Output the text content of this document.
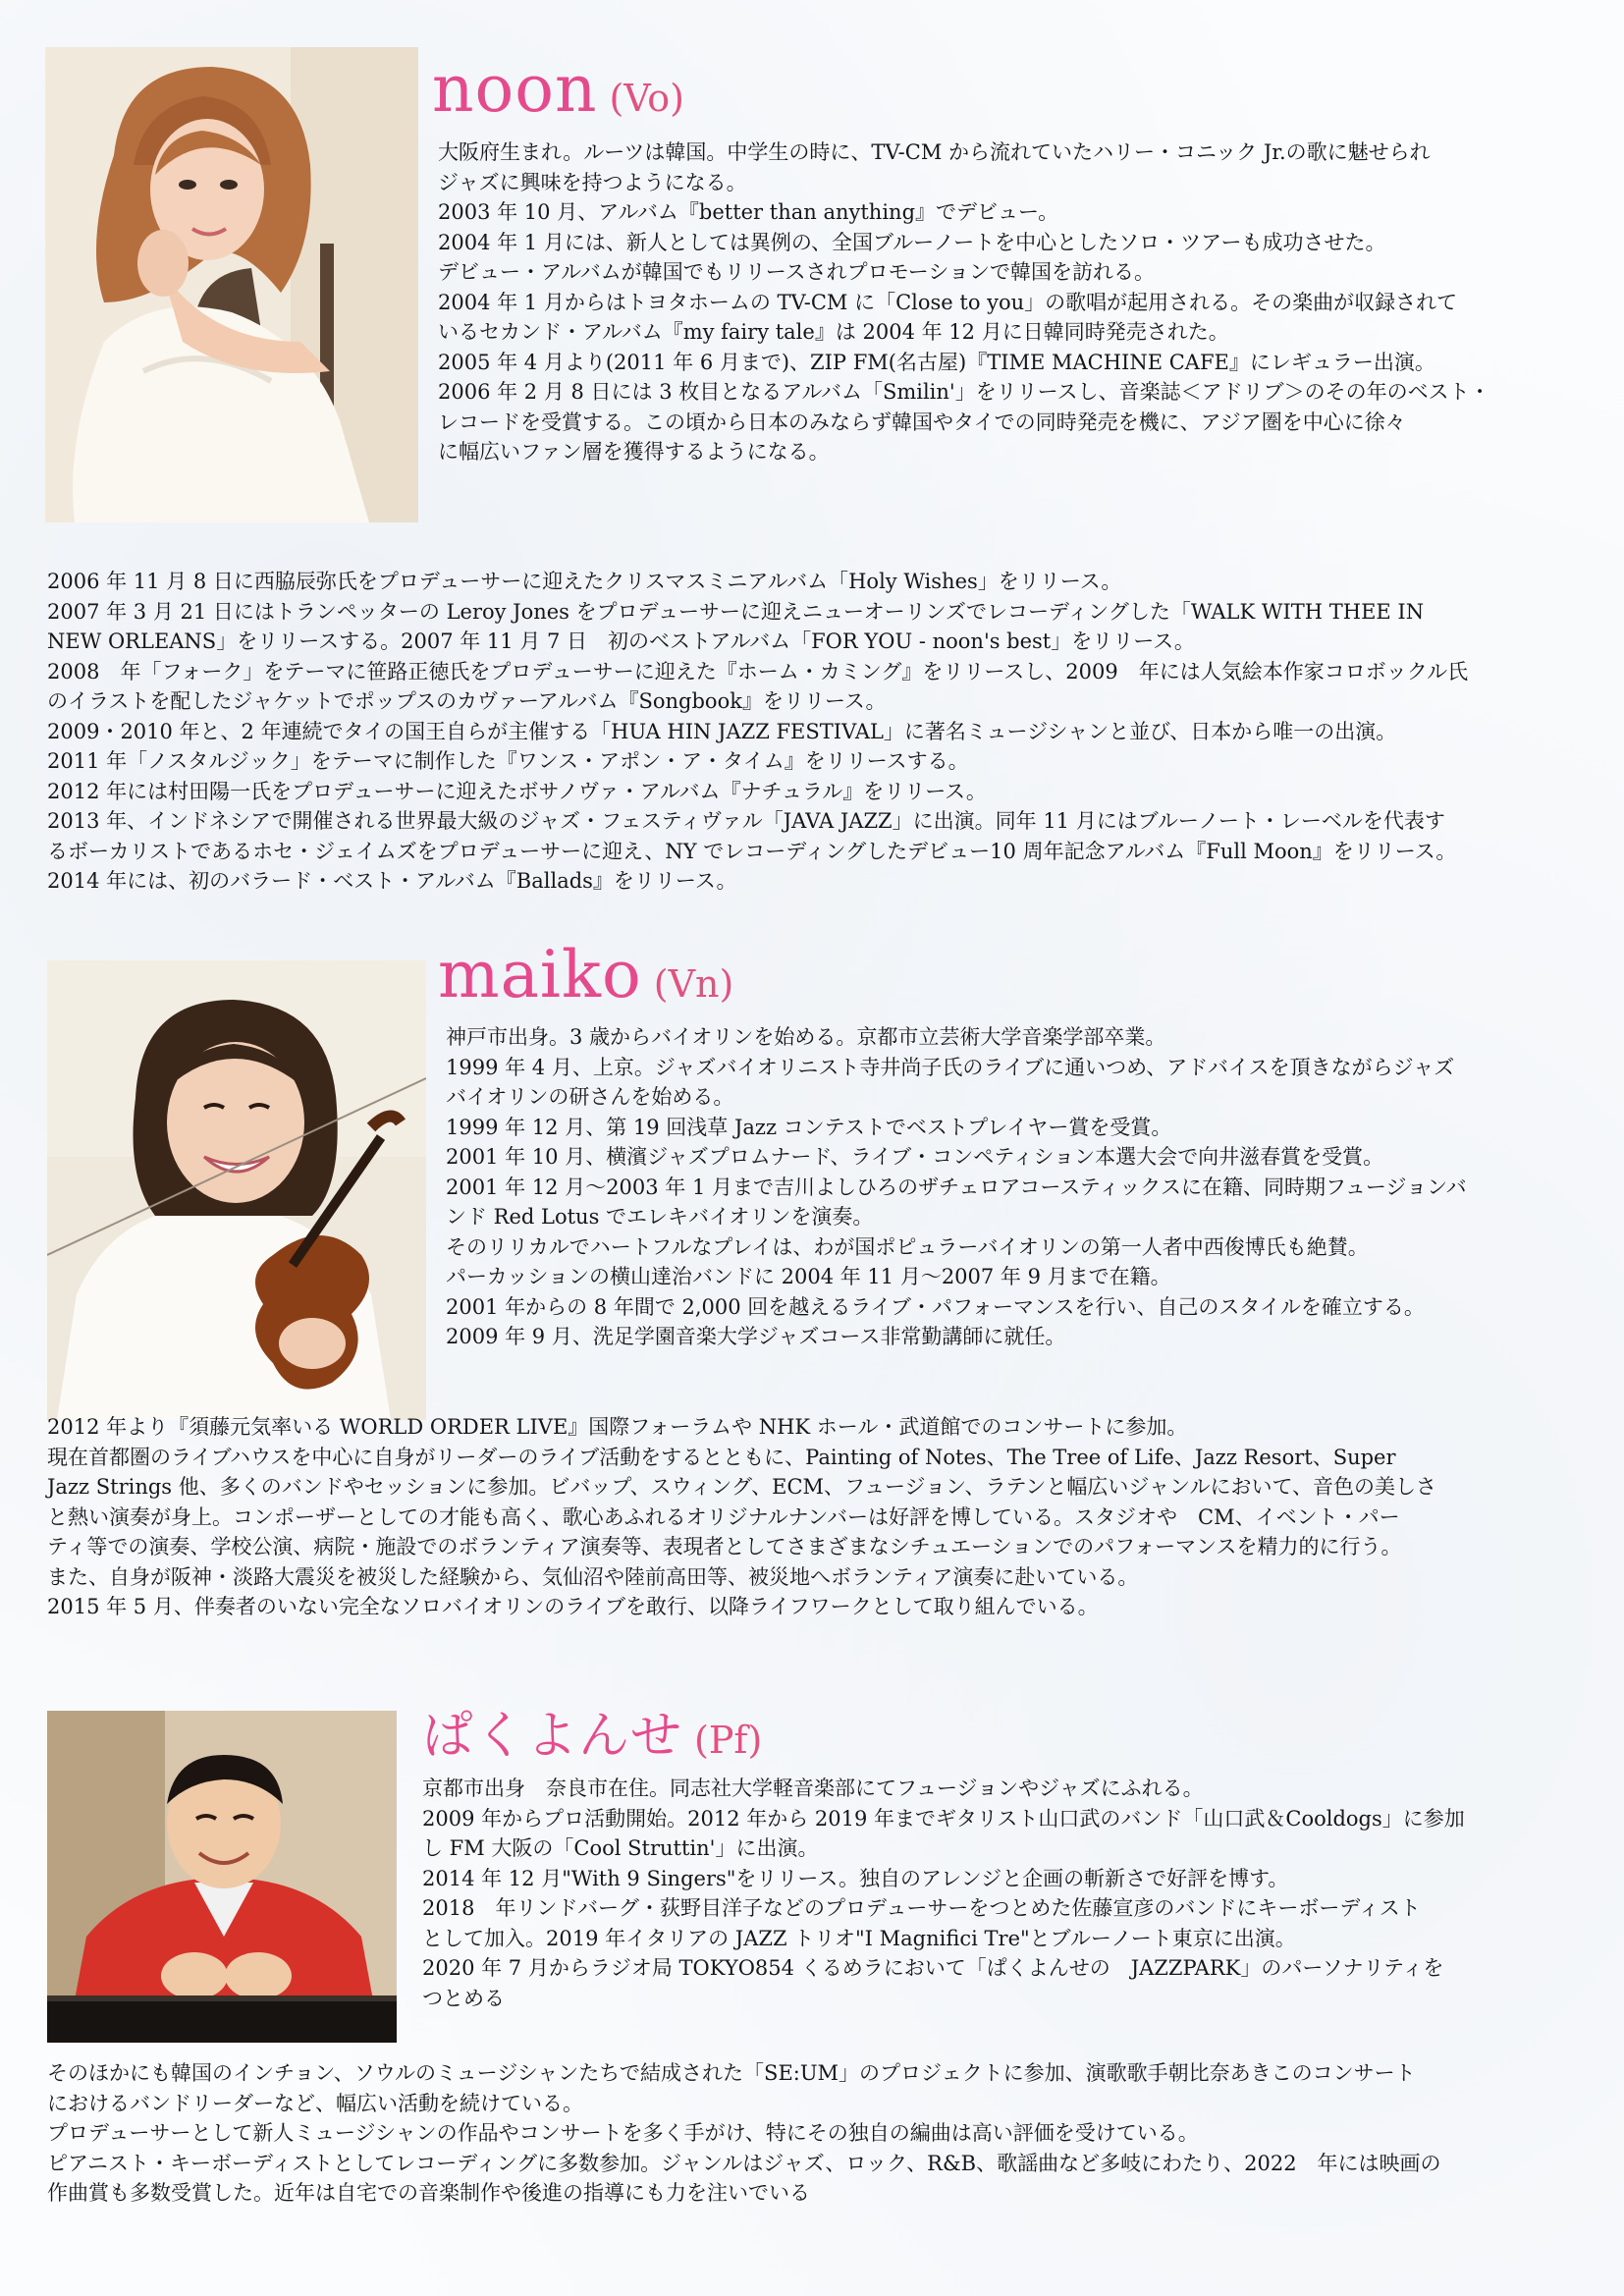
noon (Vo)

大阪府生まれ。ルーツは韓国。中学生の時に、TV-CM から流れていたハリー・コニック Jr.の歌に魅せられ

ジャズに興味を持つようになる。

2003 年 10 月、アルバム『better than anything』でデビュー。

2004 年 1 月には、新人としては異例の、全国ブルーノートを中心としたソロ・ツアーも成功させた。

デビュー・アルバムが韓国でもリリースされプロモーションで韓国を訪れる。

2004 年 1 月からはトヨタホームの TV-CM に「Close to you」の歌唱が起用される。その楽曲が収録されて

いるセカンド・アルバム『my fairy tale』は 2004 年 12 月に日韓同時発売された。

2005 年 4 月より(2011 年 6 月まで)、ZIP FM(名古屋)『TIME MACHINE CAFE』にレギュラー出演。

2006 年 2 月 8 日には 3 枚目となるアルバム「Smilin'」をリリースし、音楽誌＜アドリブ＞のその年のベスト・

レコードを受賞する。この頃から日本のみならず韓国やタイでの同時発売を機に、アジア圏を中心に徐々

に幅広いファン層を獲得するようになる。

2006 年 11 月 8 日に西脇辰弥氏をプロデューサーに迎えたクリスマスミニアルバム「Holy Wishes」をリリース。

2007 年 3 月 21 日にはトランペッターの Leroy Jones をプロデューサーに迎えニューオーリンズでレコーディングした「WALK WITH THEE IN

NEW ORLEANS」をリリースする。2007 年 11 月 7 日　初のベストアルバム「FOR YOU - noon's best」をリリース。

2008　年「フォーク」をテーマに笹路正徳氏をプロデューサーに迎えた『ホーム・カミング』をリリースし、2009　年には人気絵本作家コロボックル氏

のイラストを配したジャケットでポップスのカヴァーアルバム『Songbook』をリリース。

2009・2010 年と、2 年連続でタイの国王自らが主催する「HUA HIN JAZZ FESTIVAL」に著名ミュージシャンと並び、日本から唯一の出演。

2011 年「ノスタルジック」をテーマに制作した『ワンス・アポン・ア・タイム』をリリースする。

2012 年には村田陽一氏をプロデューサーに迎えたボサノヴァ・アルバム『ナチュラル』をリリース。

2013 年、インドネシアで開催される世界最大級のジャズ・フェスティヴァル「JAVA JAZZ」に出演。同年 11 月にはブルーノート・レーベルを代表す

るボーカリストであるホセ・ジェイムズをプロデューサーに迎え、NY でレコーディングしたデビュー10 周年記念アルバム『Full Moon』をリリース。

2014 年には、初のバラード・ベスト・アルバム『Ballads』をリリース。

maiko (Vn)

神戸市出身。3 歳からバイオリンを始める。京都市立芸術大学音楽学部卒業。

1999 年 4 月、上京。ジャズバイオリニスト寺井尚子氏のライブに通いつめ、アドバイスを頂きながらジャズ

バイオリンの研さんを始める。

1999 年 12 月、第 19 回浅草 Jazz コンテストでベストプレイヤー賞を受賞。

2001 年 10 月、横濱ジャズプロムナード、ライブ・コンペティション本選大会で向井滋春賞を受賞。

2001 年 12 月～2003 年 1 月まで吉川よしひろのザチェロアコースティックスに在籍、同時期フュージョンバ

ンド Red Lotus でエレキバイオリンを演奏。

そのリリカルでハートフルなプレイは、わが国ポピュラーバイオリンの第一人者中西俊博氏も絶賛。

パーカッションの横山達治バンドに 2004 年 11 月～2007 年 9 月まで在籍。

2001 年からの 8 年間で 2,000 回を越えるライブ・パフォーマンスを行い、自己のスタイルを確立する。

2009 年 9 月、洗足学園音楽大学ジャズコース非常勤講師に就任。

2012 年より『須藤元気率いる WORLD ORDER LIVE』国際フォーラムや NHK ホール・武道館でのコンサートに参加。

現在首都圏のライブハウスを中心に自身がリーダーのライブ活動をするとともに、Painting of Notes、The Tree of Life、Jazz Resort、Super

Jazz Strings 他、多くのバンドやセッションに参加。ビバップ、スウィング、ECM、フュージョン、ラテンと幅広いジャンルにおいて、音色の美しさ

と熱い演奏が身上。コンポーザーとしての才能も高く、歌心あふれるオリジナルナンバーは好評を博している。スタジオや　CM、イベント・パー

ティ等での演奏、学校公演、病院・施設でのボランティア演奏等、表現者としてさまざまなシチュエーションでのパフォーマンスを精力的に行う。

また、自身が阪神・淡路大震災を被災した経験から、気仙沼や陸前高田等、被災地へボランティア演奏に赴いている。

2015 年 5 月、伴奏者のいない完全なソロバイオリンのライブを敢行、以降ライフワークとして取り組んでいる。

ぱくよんせ (Pf)

京都市出身　奈良市在住。同志社大学軽音楽部にてフュージョンやジャズにふれる。

2009 年からプロ活動開始。2012 年から 2019 年までギタリスト山口武のバンド「山口武＆Cooldogs」に参加

し FM 大阪の「Cool Struttin'」に出演。

2014 年 12 月"With 9 Singers"をリリース。独自のアレンジと企画の斬新さで好評を博す。

2018　年リンドバーグ・荻野目洋子などのプロデューサーをつとめた佐藤宣彦のバンドにキーボーディスト

として加入。2019 年イタリアの JAZZ トリオ"I Magnifici Tre"とブルーノート東京に出演。

2020 年 7 月からラジオ局 TOKYO854 くるめラにおいて「ぱくよんせの　JAZZPARK」のパーソナリティを

つとめる

そのほかにも韓国のインチョン、ソウルのミュージシャンたちで結成された「SE:UM」のプロジェクトに参加、演歌歌手朝比奈あきこのコンサート

におけるバンドリーダーなど、幅広い活動を続けている。

プロデューサーとして新人ミュージシャンの作品やコンサートを多く手がけ、特にその独自の編曲は高い評価を受けている。

ピアニスト・キーボーディストとしてレコーディングに多数参加。ジャンルはジャズ、ロック、R&B、歌謡曲など多岐にわたり、2022　年には映画の

作曲賞も多数受賞した。近年は自宅での音楽制作や後進の指導にも力を注いでいる
